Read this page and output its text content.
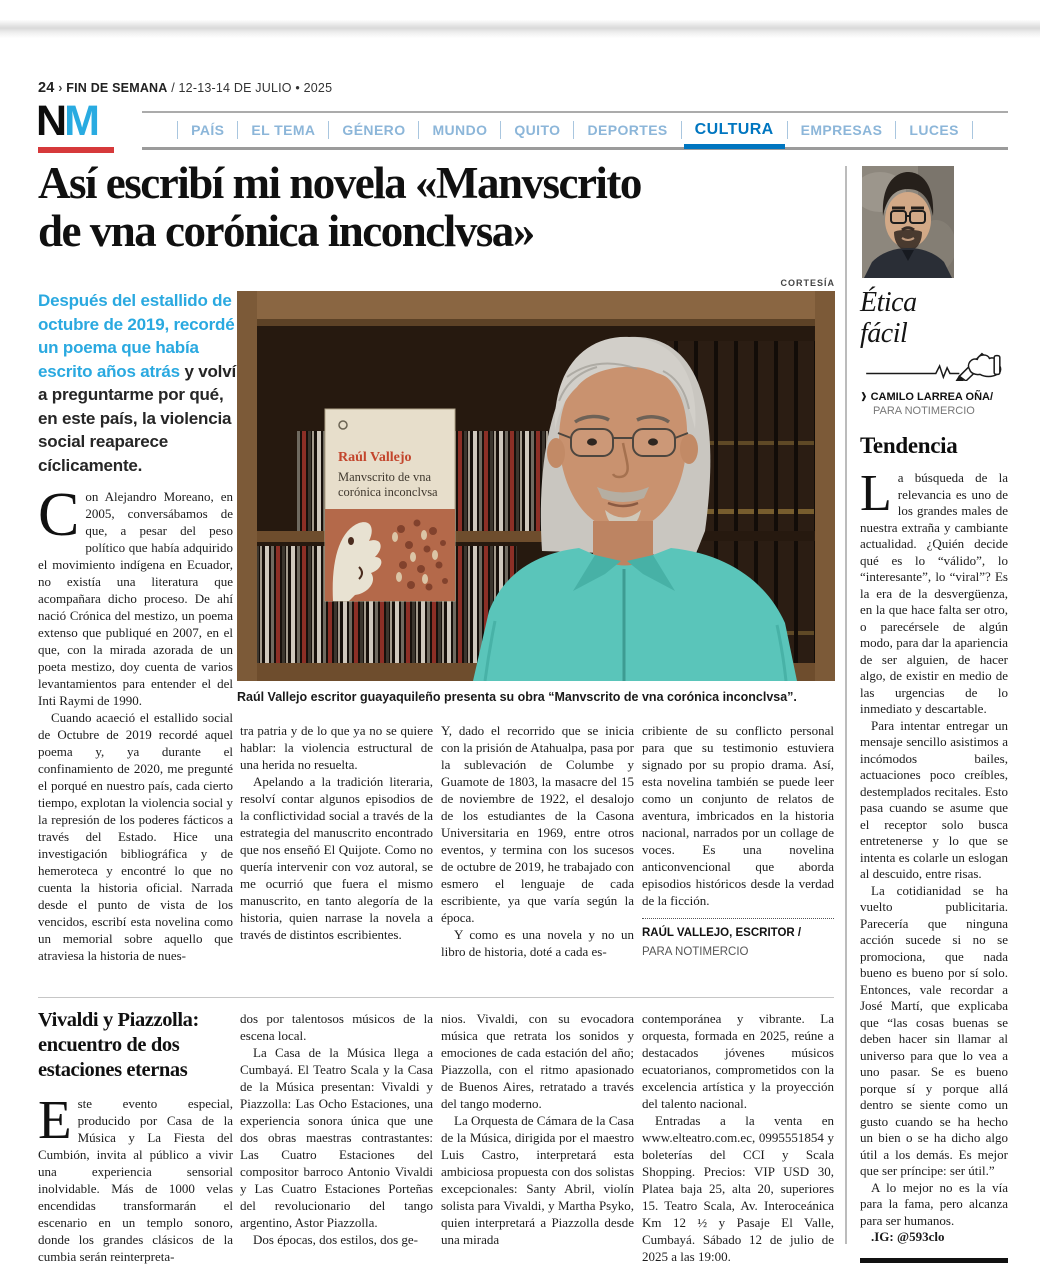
24 › FIN DE SEMANA / 12-13-14 DE JULIO • 2025
NM	PAÍS	EL TEMA	GÉNERO	MUNDO	QUITO	DEPORTES	CULTURA	EMPRESAS	LUCES
Así escribí mi novela «Manvscrito
de vna corónica inconclvsa»
Después del estallido de octubre de 2019, recordé un poema que había escrito años atrás y volví a preguntarme por qué, en este país, la violencia social reaparece cíclicamente.
CORTESÍA
Raúl Vallejo
Manvscrito de vna
corónica inconclvsa
Raúl Vallejo escritor guayaquileño presenta su obra “Manvscrito de vna corónica inconclvsa”.

Con Alejandro Moreano, en 2005, conversábamos de que, a pesar del peso político que había adquirido el movimiento indígena en Ecuador, no existía una literatura que acompañara dicho proceso. De ahí nació Crónica del mestizo, un poema extenso que publiqué en 2007, en el que, con la mirada azorada de un poeta mestizo, doy cuenta de varios levantamientos para entender el del Inti Raymi de 1990.

Cuando acaeció el estallido social de Octubre de 2019 recordé aquel poema y, ya durante el confinamiento de 2020, me pregunté el porqué en nuestro país, cada cierto tiempo, explotan la violencia social y la represión de los poderes fácticos a través del Estado. Hice una investigación bibliográfica y de hemeroteca y encontré lo que no cuenta la historia oficial. Narrada desde el punto de vista de los vencidos, escribí esta novelina como un memorial sobre aquello que atraviesa la historia de nues-

tra patria y de lo que ya no se quiere hablar: la violencia estructural de una herida no resuelta.

Apelando a la tradición literaria, resolví contar algunos episodios de la conflictividad social a través de la estrategia del manuscrito encontrado que nos enseñó El Quijote. Como no quería intervenir con voz autoral, se me ocurrió que fuera el mismo manuscrito, en tanto alegoría de la historia, quien narrase la novela a través de distintos escribientes.

Y, dado el recorrido que se inicia con la prisión de Atahualpa, pasa por la sublevación de Columbe y Guamote de 1803, la masacre del 15 de noviembre de 1922, el desalojo de los estudiantes de la Casona Universitaria en 1969, entre otros eventos, y termina con los sucesos de octubre de 2019, he trabajado con esmero el lenguaje de cada escribiente, ya que varía según la época.

Y como es una novela y no un libro de historia, doté a cada es-

cribiente de su conflicto personal para que su testimonio estuviera signado por su propio drama. Así, esta novelina también se puede leer como un conjunto de relatos de aventura, imbricados en la historia nacional, narrados por un collage de voces. Es una novelina anticonvencional que aborda episodios históricos desde la verdad de la ficción.

RAÚL VALLEJO, ESCRITOR /
PARA NOTIMERCIO
Vivaldi y Piazzolla:
encuentro de dos
estaciones eternas

Este evento especial, producido por Casa de la Música y La Fiesta del Cumbión, invita al público a vivir una experiencia sensorial inolvidable. Más de 1000 velas encendidas transformarán el escenario en un templo sonoro, donde los grandes clásicos de la cumbia serán reinterpreta-

dos por talentosos músicos de la escena local.

La Casa de la Música llega a Cumbayá. El Teatro Scala y la Casa de la Música presentan: Vivaldi y Piazzolla: Las Ocho Estaciones, una experiencia sonora única que une dos obras maestras contrastantes: Las Cuatro Estaciones del compositor barroco Antonio Vivaldi y Las Cuatro Estaciones Porteñas del revolucionario del tango argentino, Astor Piazzolla.

Dos épocas, dos estilos, dos ge-

nios. Vivaldi, con su evocadora música que retrata los sonidos y emociones de cada estación del año; Piazzolla, con el ritmo apasionado de Buenos Aires, retratado a través del tango moderno.

La Orquesta de Cámara de la Casa de la Música, dirigida por el maestro Luis Castro, interpretará esta ambiciosa propuesta con dos solistas excepcionales: Santy Abril, violín solista para Vivaldi, y Martha Psyko, quien interpretará a Piazzolla desde una mirada

contemporánea y vibrante. La orquesta, formada en 2025, reúne a destacados jóvenes músicos ecuatorianos, comprometidos con la excelencia artística y la proyección del talento nacional.

Entradas a la venta en www.elteatro.com.ec, 0995551854 y boleterías del CCI y Scala Shopping. Precios: VIP USD 30, Platea baja 25, alta 20, superiores 15. Teatro Scala, Av. Interoceánica Km 12 ½ y Pasaje El Valle, Cumbayá. Sábado 12 de julio de 2025 a las 19:00.

Ética
fácil
❱ CAMILO LARREA OÑA/
PARA NOTIMERCIO
Tendencia

La búsqueda de la relevancia es uno de los grandes males de nuestra extraña y cambiante actualidad. ¿Quién decide qué es lo “válido”, lo “interesante”, lo “viral”? Es la era de la desvergüenza, en la que hace falta ser otro, o parecérsele de algún modo, para dar la apariencia de ser alguien, de hacer algo, de existir en medio de las urgencias de lo inmediato y descartable.

Para intentar entregar un mensaje sencillo asistimos a incómodos bailes, actuaciones poco creíbles, destemplados recitales. Esto pasa cuando se asume que el receptor solo busca entretenerse y lo que se intenta es colarle un eslogan al descuido, entre risas.

La cotidianidad se ha vuelto publicitaria. Parecería que ninguna acción sucede si no se promociona, que nada bueno es bueno por sí solo. Entonces, vale recordar a José Martí, que explicaba que “las cosas buenas se deben hacer sin llamar al universo para que lo vea a uno pasar. Se es bueno porque sí y porque allá dentro se siente como un gusto cuando se ha hecho un bien o se ha dicho algo útil a los demás. Es mejor que ser príncipe: ser útil.”

A lo mejor no es la vía para la fama, pero alcanza para ser humanos.

.IG: @593clo
